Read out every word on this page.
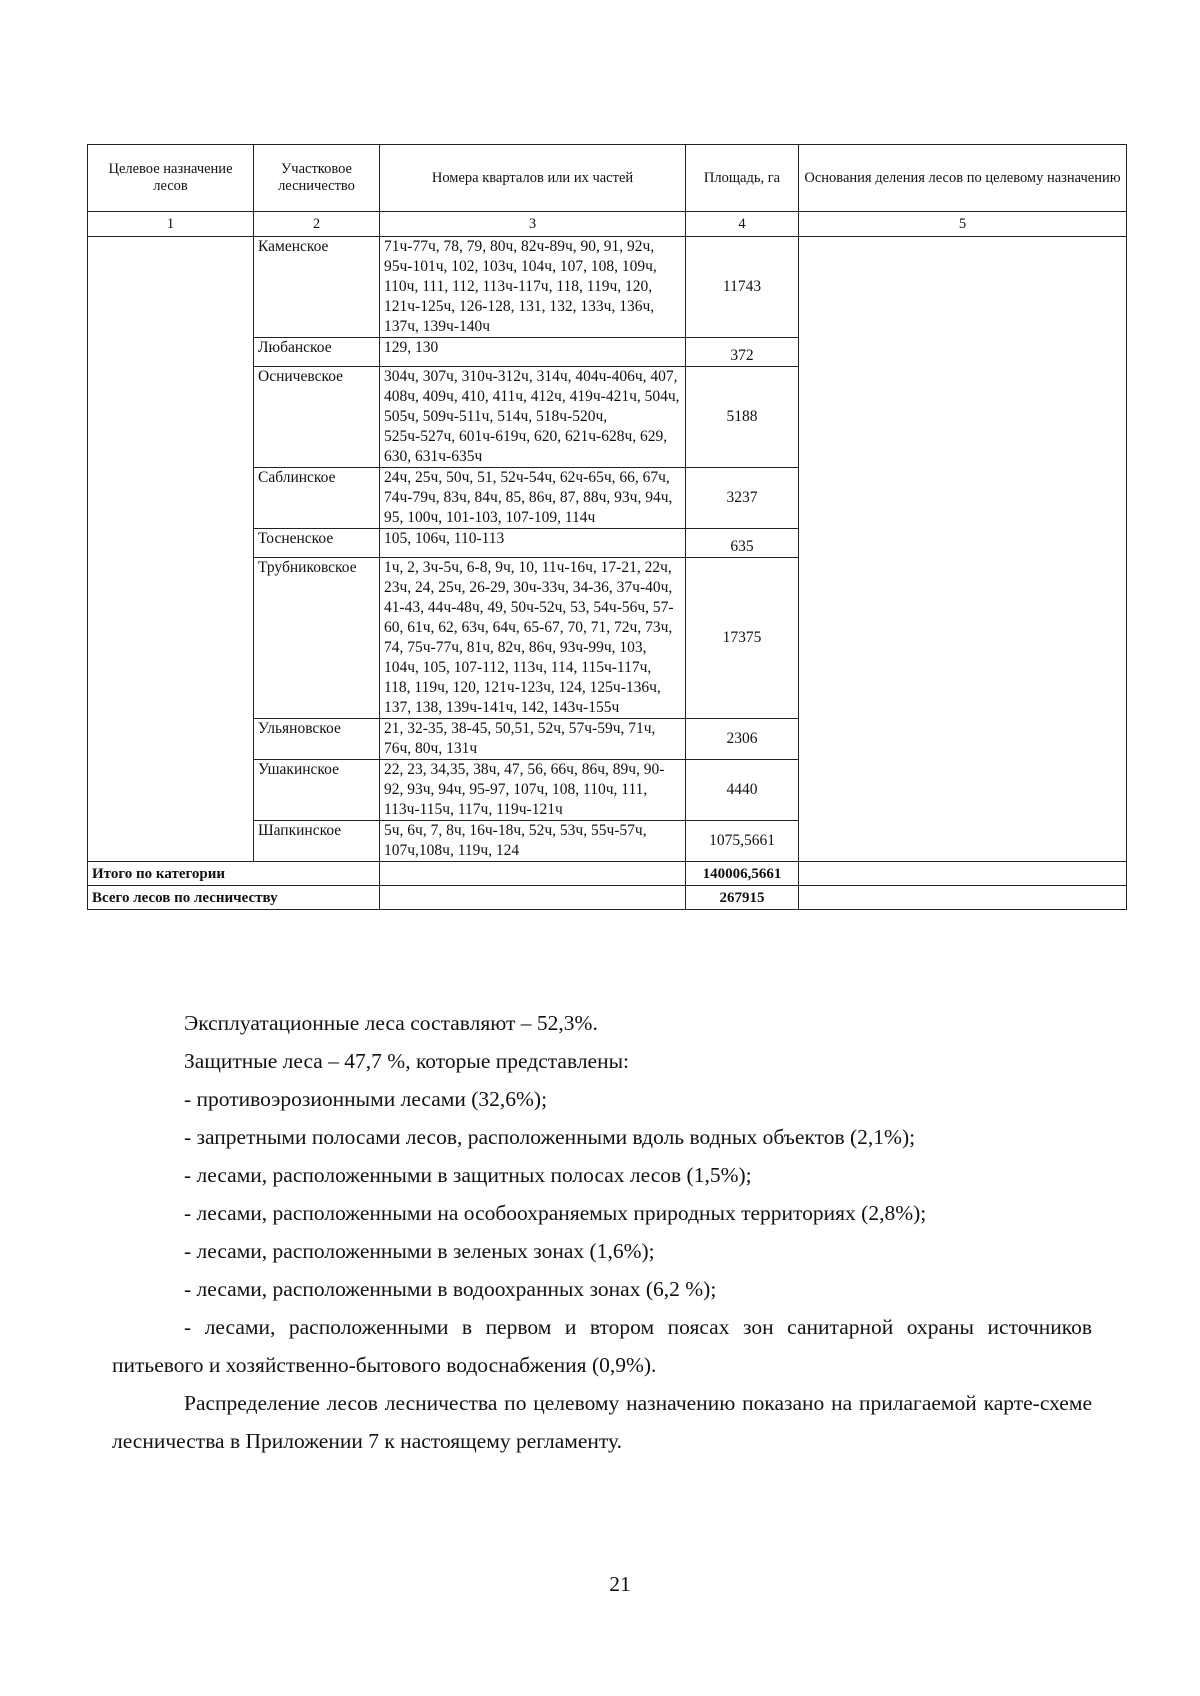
Целевое назначение лесов	Участковое лесничество	Номера кварталов или их частей	Площадь, га	Основания деления лесов по целевому назначению
1	2	3	4	5
	Каменское	71ч-77ч, 78, 79, 80ч, 82ч-89ч, 90, 91, 92ч, 95ч-101ч, 102, 103ч, 104ч, 107, 108, 109ч, 110ч, 111, 112, 113ч-117ч, 118, 119ч, 120, 121ч-125ч, 126-128, 131, 132, 133ч, 136ч, 137ч, 139ч-140ч	11743	
	Любанское	129, 130	372	
	Осничевское	304ч, 307ч, 310ч-312ч, 314ч, 404ч-406ч, 407, 408ч, 409ч, 410, 411ч, 412ч, 419ч-421ч, 504ч, 505ч, 509ч-511ч, 514ч, 518ч-520ч, 525ч-527ч, 601ч-619ч, 620, 621ч-628ч, 629, 630, 631ч-635ч	5188	
	Саблинское	24ч, 25ч, 50ч, 51, 52ч-54ч, 62ч-65ч, 66, 67ч, 74ч-79ч, 83ч, 84ч, 85, 86ч, 87, 88ч, 93ч, 94ч, 95, 100ч, 101-103, 107-109, 114ч	3237	
	Тосненское	105, 106ч, 110-113	635	
	Трубниковское	1ч, 2, 3ч-5ч, 6-8, 9ч, 10, 11ч-16ч, 17-21, 22ч, 23ч, 24, 25ч, 26-29, 30ч-33ч, 34-36, 37ч-40ч, 41-43, 44ч-48ч, 49, 50ч-52ч, 53, 54ч-56ч, 57-60, 61ч, 62, 63ч, 64ч, 65-67, 70, 71, 72ч, 73ч, 74, 75ч-77ч, 81ч, 82ч, 86ч, 93ч-99ч, 103, 104ч, 105, 107-112, 113ч, 114, 115ч-117ч, 118, 119ч, 120, 121ч-123ч, 124, 125ч-136ч, 137, 138, 139ч-141ч, 142, 143ч-155ч	17375	
	Ульяновское	21, 32-35, 38-45, 50,51, 52ч, 57ч-59ч, 71ч, 76ч, 80ч, 131ч	2306	
	Ушакинское	22, 23, 34,35, 38ч, 47, 56, 66ч, 86ч, 89ч, 90-92, 93ч, 94ч, 95-97, 107ч, 108, 110ч, 111, 113ч-115ч, 117ч, 119ч-121ч	4440	
	Шапкинское	5ч, 6ч, 7, 8ч, 16ч-18ч, 52ч, 53ч, 55ч-57ч, 107ч,108ч, 119ч, 124	1075,5661	
Итого по категории			140006,5661	
Всего лесов по лесничеству			267915	

Эксплуатационные леса составляют – 52,3%.

Защитные леса – 47,7 %, которые представлены:

- противоэрозионными лесами (32,6%);

- запретными полосами лесов, расположенными вдоль водных объектов (2,1%);

- лесами, расположенными в защитных полосах лесов (1,5%);

- лесами, расположенными на особоохраняемых природных территориях (2,8%);

- лесами, расположенными в зеленых зонах (1,6%);

- лесами, расположенными в водоохранных зонах (6,2 %);

- лесами, расположенными в первом и втором поясах зон санитарной охраны источников питьевого и хозяйственно-бытового водоснабжения (0,9%).

Распределение лесов лесничества по целевому назначению показано на прилагаемой карте-схеме лесничества в Приложении 7 к настоящему регламенту.

21
